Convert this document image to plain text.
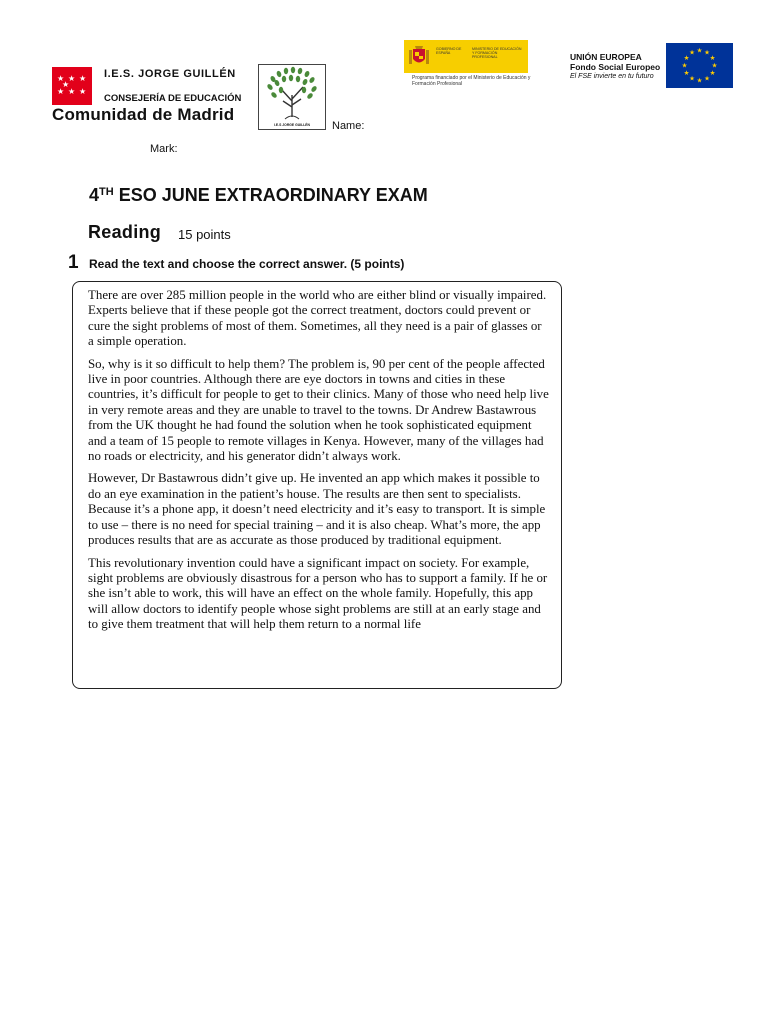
★ ★ ★
★ ★ ★
★
I.E.S. JORGE GUILLÉN
CONSEJERÍA DE EDUCACIÓN
Comunidad de Madrid
I.E.S JORGE GUILLÉN
GOBIERNO DE ESPAÑA
MINISTERIO DE EDUCACIÓN Y FORMACIÓN PROFESIONAL
Programa financiado por el Ministerio de Educación y Formación Profesional
UNIÓN EUROPEA
Fondo Social Europeo
El FSE invierte en tu futuro
★ ★
★
★
★
★
★
★
★
★
★
★
Name:
Mark:
4TH ESO JUNE EXTRAORDINARY EXAM
Reading 15 points
1 Read the text and choose the correct answer. (5 points)

There are over 285 million people in the world who are either blind or visually impaired. Experts believe that if these people got the correct treatment, doctors could prevent or cure the sight problems of most of them. Sometimes, all they need is a pair of glasses or a simple operation.

So, why is it so difficult to help them? The problem is, 90 per cent of the people affected live in poor countries. Although there are eye doctors in towns and cities in these countries, it’s difficult for people to get to their clinics. Many of those who need help live in very remote areas and they are unable to travel to the towns. Dr Andrew Bastawrous from the UK thought he had found the solution when he took sophisticated equipment and a team of 15 people to remote villages in Kenya. However, many of the villages had no roads or electricity, and his generator didn’t always work.

However, Dr Bastawrous didn’t give up. He invented an app which makes it possible to do an eye examination in the patient’s house. The results are then sent to specialists. Because it’s a phone app, it doesn’t need electricity and it’s easy to transport. It is simple to use – there is no need for special training – and it is also cheap. What’s more, the app produces results that are as accurate as those produced by traditional equipment.

This revolutionary invention could have a significant impact on society. For example, sight problems are obviously disastrous for a person who has to support a family. If he or she isn’t able to work, this will have an effect on the whole family. Hopefully, this app will allow doctors to identify people whose sight problems are still at an early stage and to give them treatment that will help them return to a normal life
